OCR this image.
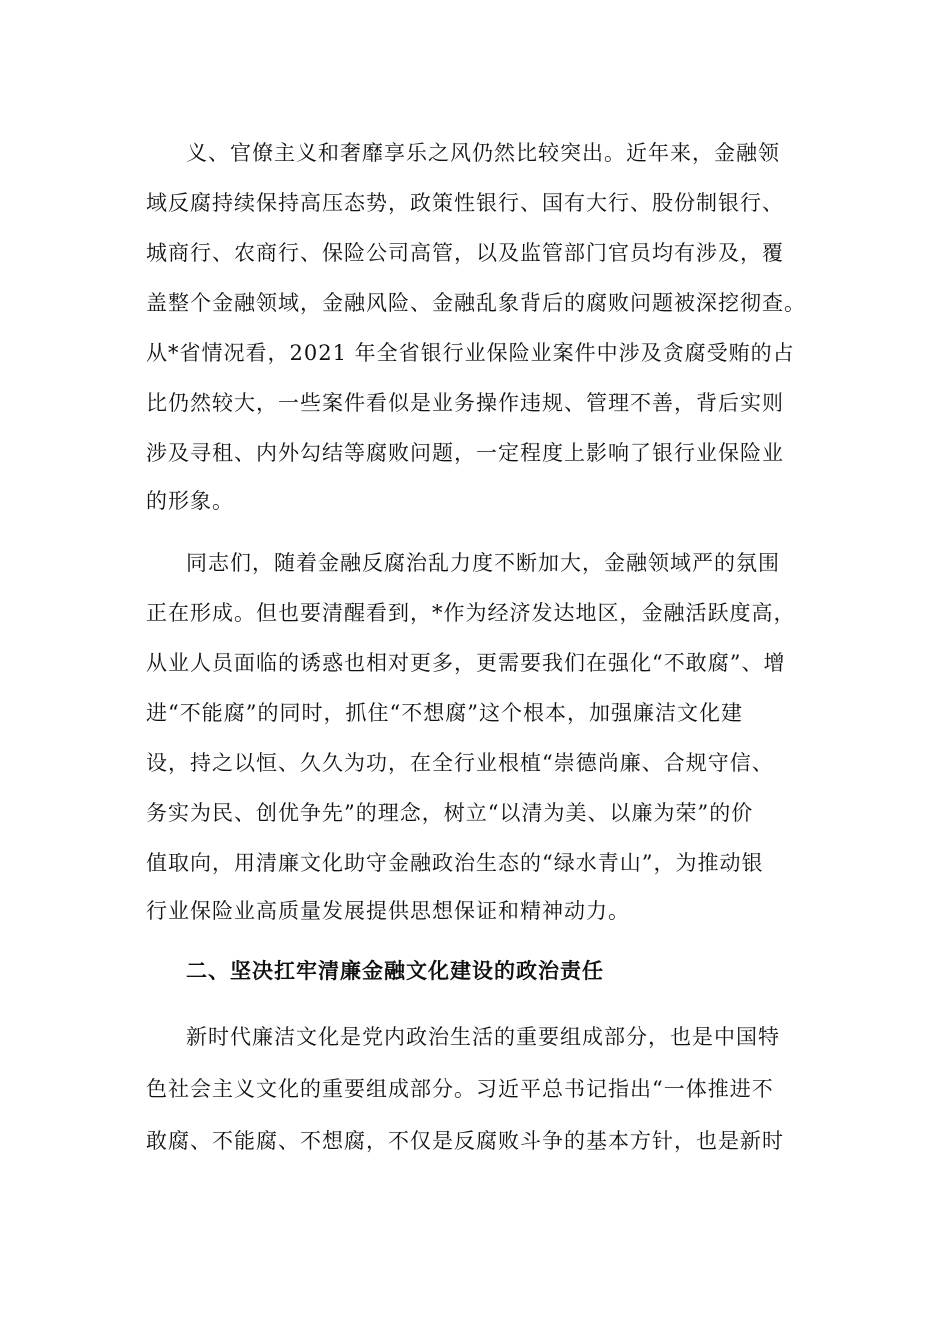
义、官僚主义和奢靡享乐之风仍然比较突出。近年来，金融领
域反腐持续保持高压态势，政策性银行、国有大行、股份制银行、
城商行、农商行、保险公司高管，以及监管部门官员均有涉及，覆
盖整个金融领域，金融风险、金融乱象背后的腐败问题被深挖彻查。
从*省情况看，2021 年全省银行业保险业案件中涉及贪腐受贿的占
比仍然较大，一些案件看似是业务操作违规、管理不善，背后实则
涉及寻租、内外勾结等腐败问题，一定程度上影响了银行业保险业
的形象。
同志们，随着金融反腐治乱力度不断加大，金融领域严的氛围
正在形成。但也要清醒看到，*作为经济发达地区，金融活跃度高，
从业人员面临的诱惑也相对更多，更需要我们在强化“不敢腐”、增
进“不能腐”的同时，抓住“不想腐”这个根本，加强廉洁文化建
设，持之以恒、久久为功，在全行业根植“崇德尚廉、合规守信、
务实为民、创优争先”的理念，树立“以清为美、以廉为荣”的价
值取向，用清廉文化助守金融政治生态的“绿水青山”，为推动银
行业保险业高质量发展提供思想保证和精神动力。
二、坚决扛牢清廉金融文化建设的政治责任
新时代廉洁文化是党内政治生活的重要组成部分，也是中国特
色社会主义文化的重要组成部分。习近平总书记指出“一体推进不
敢腐、不能腐、不想腐，不仅是反腐败斗争的基本方针，也是新时
